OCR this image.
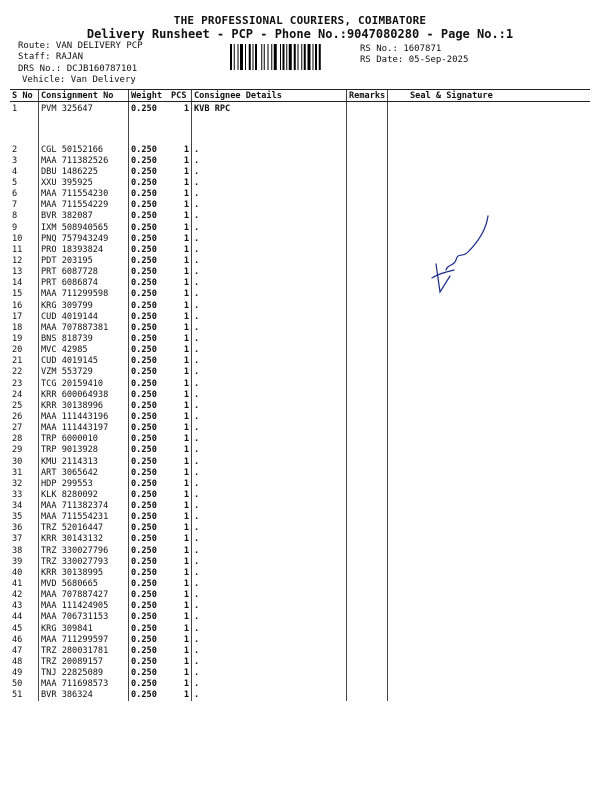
THE PROFESSIONAL COURIERS, COIMBATORE
Delivery Runsheet - PCP - Phone No.:9047080280 - Page No.:1
Route: VAN DELIVERY PCP
Staff: RAJAN
DRS No.: DCJB160787101
Vehicle: Van Delivery
RS No.: 1607871
RS Date: 05-Sep-2025
S No	Consignment No	Weight	PCS	Consignee Details	Remarks	Seal & Signature
1	PVM 325647	0.250	1	KVB RPC		
2	CGL 50152166	0.250	1	.		
3	MAA 711382526	0.250	1	.		
4	DBU 1486225	0.250	1	.		
5	XXU 395925	0.250	1	.		
6	MAA 711554230	0.250	1	.		
7	MAA 711554229	0.250	1	.		
8	BVR 382087	0.250	1	.		
9	IXM 508940565	0.250	1	.		
10	PNQ 757943249	0.250	1	.		
11	PRO 18393824	0.250	1	.		
12	PDT 203195	0.250	1	.		
13	PRT 6087728	0.250	1	.		
14	PRT 6086874	0.250	1	.		
15	MAA 711299598	0.250	1	.		
16	KRG 309799	0.250	1	.		
17	CUD 4019144	0.250	1	.		
18	MAA 707887381	0.250	1	.		
19	BNS 818739	0.250	1	.		
20	MVC 42985	0.250	1	.		
21	CUD 4019145	0.250	1	.		
22	VZM 553729	0.250	1	.		
23	TCG 20159410	0.250	1	.		
24	KRR 600064938	0.250	1	.		
25	KRR 30138996	0.250	1	.		
26	MAA 111443196	0.250	1	.		
27	MAA 111443197	0.250	1	.		
28	TRP 6000010	0.250	1	.		
29	TRP 9013928	0.250	1	.		
30	KMU 2114313	0.250	1	.		
31	ART 3065642	0.250	1	.		
32	HDP 299553	0.250	1	.		
33	KLK 8280092	0.250	1	.		
34	MAA 711382374	0.250	1	.		
35	MAA 711554231	0.250	1	.		
36	TRZ 52016447	0.250	1	.		
37	KRR 30143132	0.250	1	.		
38	TRZ 330027796	0.250	1	.		
39	TRZ 330027793	0.250	1	.		
40	KRR 30138995	0.250	1	.		
41	MVD 5680665	0.250	1	.		
42	MAA 707887427	0.250	1	.		
43	MAA 111424905	0.250	1	.		
44	MAA 706731153	0.250	1	.		
45	KRG 309841	0.250	1	.		
46	MAA 711299597	0.250	1	.		
47	TRZ 280031781	0.250	1	.		
48	TRZ 20089157	0.250	1	.		
49	TNJ 22825089	0.250	1	.		
50	MAA 711698573	0.250	1	.		
51	BVR 386324	0.250	1	.		
